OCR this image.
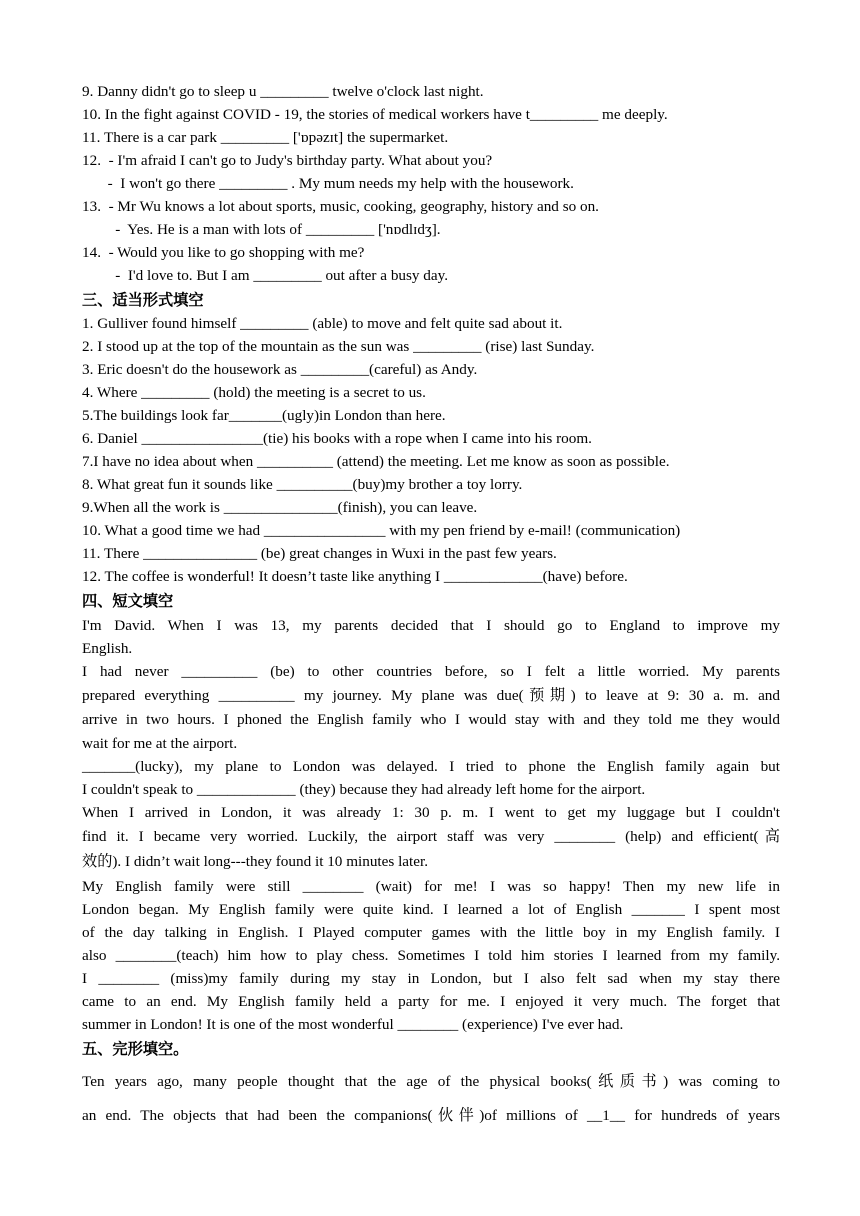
9. Danny didn't go to sleep u _________ twelve o'clock last night.
10. In the fight against COVID - 19, the stories of medical workers have t_________ me deeply.
11. There is a car park _________ ['ɒpəzɪt] the supermarket.
12.  - I'm afraid I can't go to Judy's birthday party. What about you?
-  I won't go there _________ . My mum needs my help with the housework.
13.  - Mr Wu knows a lot about sports, music, cooking, geography, history and so on.
-  Yes. He is a man with lots of _________ ['nɒdlɪdʒ].
14.  - Would you like to go shopping with me?
-  I'd love to. But I am _________ out after a busy day.
三、适当形式填空
1. Gulliver found himself _________ (able) to move and felt quite sad about it.
2. I stood up at the top of the mountain as the sun was _________ (rise) last Sunday.
3. Eric doesn't do the housework as _________(careful) as Andy.
4. Where _________ (hold) the meeting is a secret to us.
5.The buildings look far_______(ugly)in London than here.
6. Daniel ________________(tie) his books with a rope when I came into his room.
7.I have no idea about when __________ (attend) the meeting. Let me know as soon as possible.
8. What great fun it sounds like __________(buy)my brother a toy lorry.
9.When all the work is _______________(finish), you can leave.
10. What a good time we had ________________ with my pen friend by e-mail! (communication)
11. There _______________ (be) great changes in Wuxi in the past few years.
12. The coffee is wonderful! It doesn’t taste like anything I _____________(have) before.
四、短文填空
I'm David. When I was 13, my parents decided that I should go to England to improve my
English.
I had never __________ (be) to other countries before, so I felt a little worried. My parents
prepared everything __________ my journey. My plane was due(预期) to leave at 9: 30 a. m. and
arrive in two hours. I phoned the English family who I would stay with and they told me they would
wait for me at the airport.
_______(lucky), my plane to London was delayed. I tried to phone the English family again but
I couldn't speak to _____________ (they) because they had already left home for the airport.
When I arrived in London, it was already 1: 30 p. m. I went to get my luggage but I couldn't
find it. I became very worried. Luckily, the airport staff was very ________ (help) and efficient(高
效的). I didn’t wait long---they found it 10 minutes later.
My English family were still ________ (wait) for me! I was so happy! Then my new life in
London began. My English family were quite kind. I learned a lot of English _______ I spent most
of the day talking in English. I Played computer games with the little boy in my English family. I
also ________(teach) him how to play chess. Sometimes I told him stories I learned from my family.
I ________ (miss)my family during my stay in London, but I also felt sad when my stay there
came to an end. My English family held a party for me. I enjoyed it very much. The forget that
summer in London! It is one of the most wonderful ________ (experience) I've ever had.
五、完形填空。
Ten years ago, many people thought that the age of the physical books(纸质书) was coming to
an end. The objects that had been the companions(伙伴)of millions of __1__ for hundreds of years
